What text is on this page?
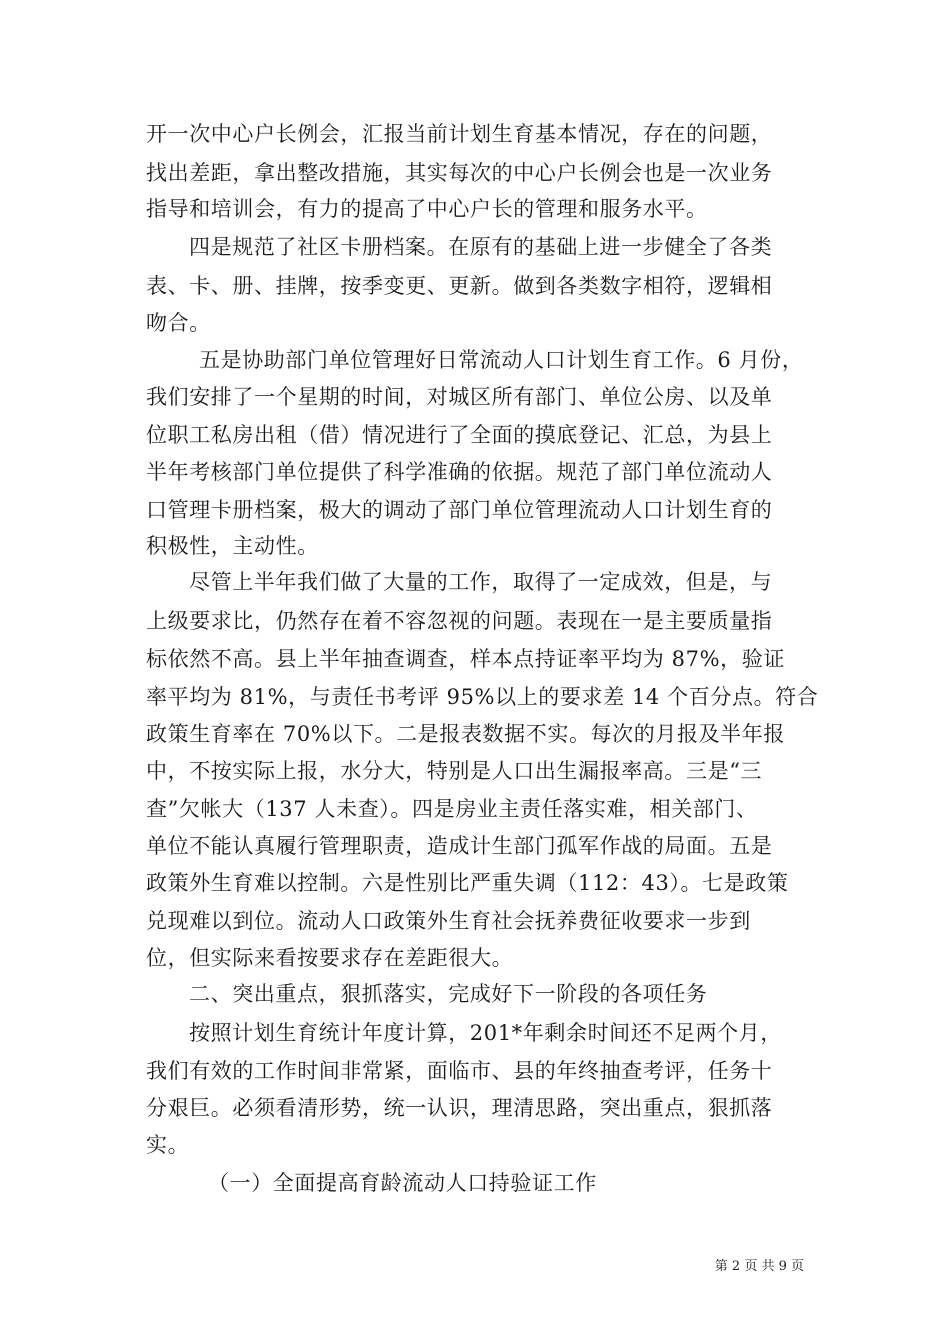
开一次中心户长例会，汇报当前计划生育基本情况，存在的问题，
找出差距，拿出整改措施，其实每次的中心户长例会也是一次业务
指导和培训会，有力的提高了中心户长的管理和服务水平。
四是规范了社区卡册档案。在原有的基础上进一步健全了各类
表、卡、册、挂牌，按季变更、更新。做到各类数字相符，逻辑相
吻合。
五是协助部门单位管理好日常流动人口计划生育工作。6 月份，
我们安排了一个星期的时间，对城区所有部门、单位公房、以及单
位职工私房出租（借）情况进行了全面的摸底登记、汇总，为县上
半年考核部门单位提供了科学准确的依据。规范了部门单位流动人
口管理卡册档案，极大的调动了部门单位管理流动人口计划生育的
积极性，主动性。
尽管上半年我们做了大量的工作，取得了一定成效，但是，与
上级要求比，仍然存在着不容忽视的问题。表现在一是主要质量指
标依然不高。县上半年抽查调查，样本点持证率平均为 87%，验证
率平均为 81%，与责任书考评 95%以上的要求差 14 个百分点。符合
政策生育率在 70%以下。二是报表数据不实。每次的月报及半年报
中，不按实际上报，水分大，特别是人口出生漏报率高。三是“三
查”欠帐大（137 人未查）。四是房业主责任落实难，相关部门、
单位不能认真履行管理职责，造成计生部门孤军作战的局面。五是
政策外生育难以控制。六是性别比严重失调（112：43）。七是政策
兑现难以到位。流动人口政策外生育社会抚养费征收要求一步到
位，但实际来看按要求存在差距很大。
二、突出重点，狠抓落实，完成好下一阶段的各项任务
按照计划生育统计年度计算，201*年剩余时间还不足两个月，
我们有效的工作时间非常紧，面临市、县的年终抽查考评，任务十
分艰巨。必须看清形势，统一认识，理清思路，突出重点，狠抓落
实。
（一）全面提高育龄流动人口持验证工作
第 2 页 共 9 页
